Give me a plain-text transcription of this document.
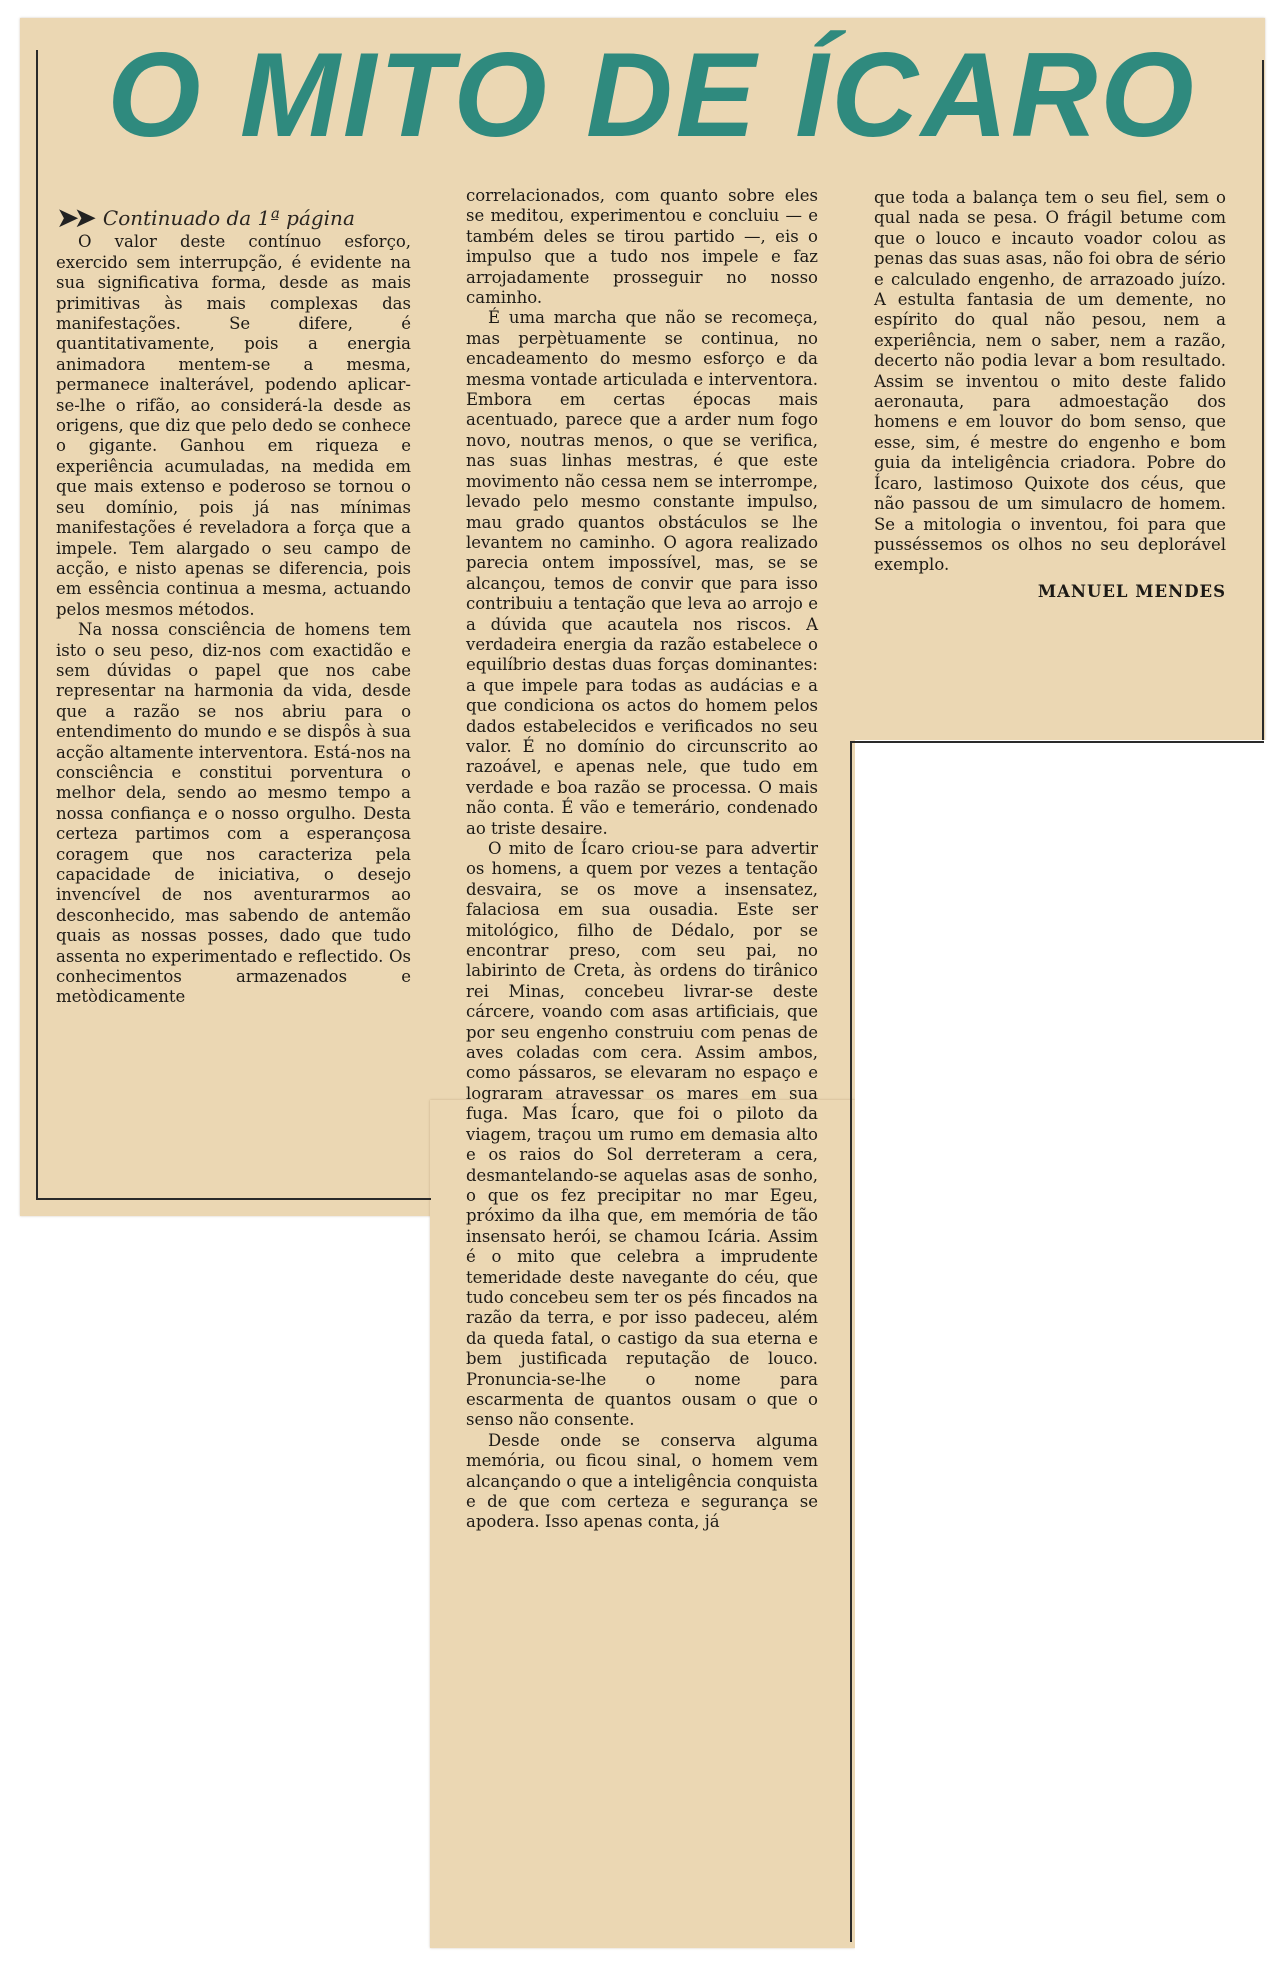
O MITO DE ÍCARO
➤➤ Continuado da 1ª página

O valor deste contínuo esforço, exercido sem interrupção, é evidente na sua significativa forma, desde as mais primitivas às mais complexas das manifestações. Se difere, é quantitativamente, pois a energia animadora mentem-se a mesma, permanece inalterável, podendo aplicar-se-lhe o rifão, ao considerá-la desde as origens, que diz que pelo dedo se conhece o gigante. Ganhou em riqueza e experiência acumuladas, na medida em que mais extenso e poderoso se tornou o seu domínio, pois já nas mínimas manifestações é reveladora a força que a impele. Tem alargado o seu campo de acção, e nisto apenas se diferencia, pois em essência continua a mesma, actuando pelos mesmos métodos.

Na nossa consciência de homens tem isto o seu peso, diz-nos com exactidão e sem dúvidas o papel que nos cabe representar na harmonia da vida, desde que a razão se nos abriu para o entendimento do mundo e se dispôs à sua acção altamente interventora. Está-nos na consciência e constitui porventura o melhor dela, sendo ao mesmo tempo a nossa confiança e o nosso orgulho. Desta certeza partimos com a esperançosa coragem que nos caracteriza pela capacidade de iniciativa, o desejo invencível de nos aventurarmos ao desconhecido, mas sabendo de antemão quais as nossas posses, dado que tudo assenta no experimentado e reflectido. Os conhecimentos armazenados e metòdicamente

correlacionados, com quanto sobre eles se meditou, experimentou e concluiu — e também deles se tirou partido —, eis o impulso que a tudo nos impele e faz arrojadamente prosseguir no nosso caminho.

É uma marcha que não se recomeça, mas perpètuamente se continua, no encadeamento do mesmo esforço e da mesma vontade articulada e interventora. Embora em certas épocas mais acentuado, parece que a arder num fogo novo, noutras menos, o que se verifica, nas suas linhas mestras, é que este movimento não cessa nem se interrompe, levado pelo mesmo constante impulso, mau grado quantos obstáculos se lhe levantem no caminho. O agora realizado parecia ontem impossível, mas, se se alcançou, temos de convir que para isso contribuiu a tentação que leva ao arrojo e a dúvida que acautela nos riscos. A verdadeira energia da razão estabelece o equilíbrio destas duas forças dominantes: a que impele para todas as audácias e a que condiciona os actos do homem pelos dados estabelecidos e verificados no seu valor. É no domínio do circunscrito ao razoável, e apenas nele, que tudo em verdade e boa razão se processa. O mais não conta. É vão e temerário, condenado ao triste desaire.

O mito de Ícaro criou-se para advertir os homens, a quem por vezes a tentação desvaira, se os move a insensatez, falaciosa em sua ousadia. Este ser mitológico, filho de Dédalo, por se encontrar preso, com seu pai, no labirinto de Creta, às ordens do tirânico rei Minas, concebeu livrar-se deste cárcere, voando com asas artificiais, que por seu engenho construiu com penas de aves coladas com cera. Assim ambos, como pássaros, se elevaram no espaço e lograram atravessar os mares em sua fuga. Mas Ícaro, que foi o piloto da viagem, traçou um rumo em demasia alto e os raios do Sol derreteram a cera, desmantelando-se aquelas asas de sonho, o que os fez precipitar no mar Egeu, próximo da ilha que, em memória de tão insensato herói, se chamou Icária. Assim é o mito que celebra a imprudente temeridade deste navegante do céu, que tudo concebeu sem ter os pés fincados na razão da terra, e por isso padeceu, além da queda fatal, o castigo da sua eterna e bem justificada reputação de louco. Pronuncia-se-lhe o nome para escarmenta de quantos ousam o que o senso não consente.

Desde onde se conserva alguma memória, ou ficou sinal, o homem vem alcançando o que a inteligência conquista e de que com certeza e segurança se apodera. Isso apenas conta, já

que toda a balança tem o seu fiel, sem o qual nada se pesa. O frágil betume com que o louco e incauto voador colou as penas das suas asas, não foi obra de sério e calculado engenho, de arrazoado juízo. A estulta fantasia de um demente, no espírito do qual não pesou, nem a experiência, nem o saber, nem a razão, decerto não podia levar a bom resultado. Assim se inventou o mito deste falido aeronauta, para admoestação dos homens e em louvor do bom senso, que esse, sim, é mestre do engenho e bom guia da inteligência criadora. Pobre do Ícaro, lastimoso Quixote dos céus, que não passou de um simulacro de homem. Se a mitologia o inventou, foi para que pusséssemos os olhos no seu deplorável exemplo.

MANUEL MENDES
